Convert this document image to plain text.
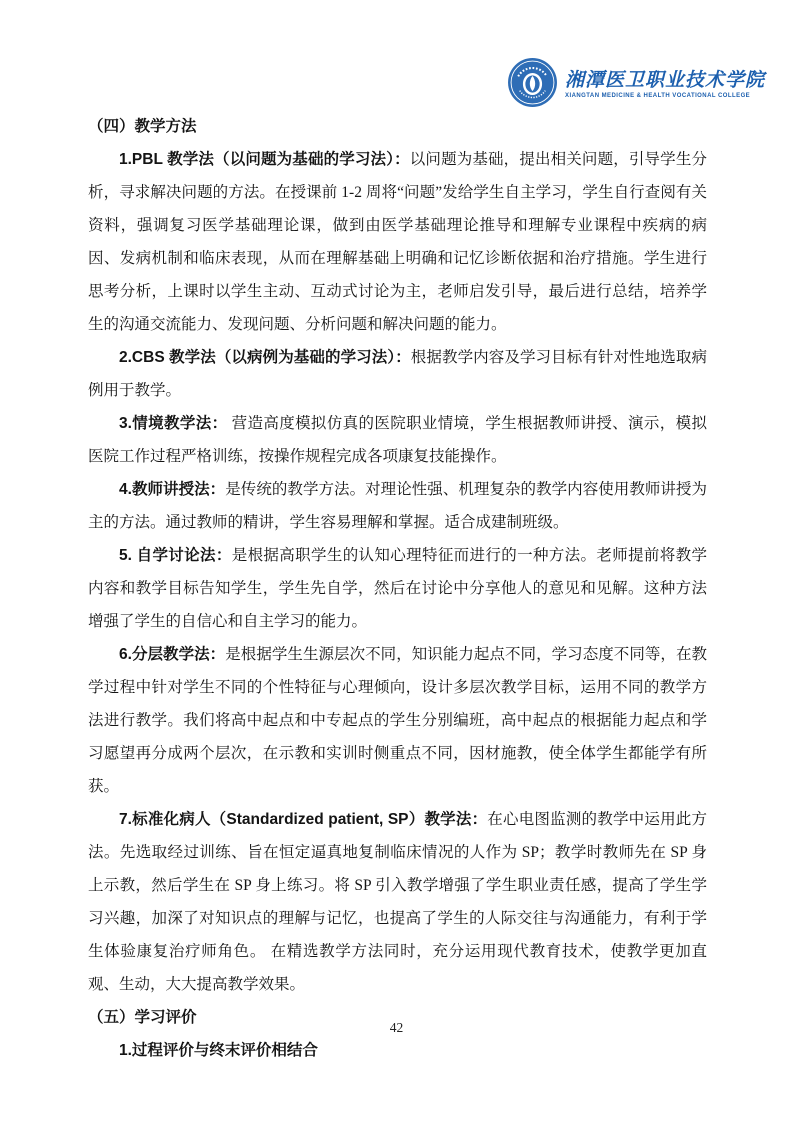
湘潭医卫职业技术学院
XIANGTAN MEDICINE & HEALTH VOCATIONAL COLLEGE
（四）教学方法

1.PBL 教学法（以问题为基础的学习法）：以问题为基础，提出相关问题，引导学生分析，寻求解决问题的方法。在授课前 1-2 周将“问题”发给学生自主学习，学生自行查阅有关资料，强调复习医学基础理论课，做到由医学基础理论推导和理解专业课程中疾病的病因、发病机制和临床表现，从而在理解基础上明确和记忆诊断依据和治疗措施。学生进行思考分析，上课时以学生主动、互动式讨论为主，老师启发引导，最后进行总结，培养学生的沟通交流能力、发现问题、分析问题和解决问题的能力。

2.CBS 教学法（以病例为基础的学习法）：根据教学内容及学习目标有针对性地选取病例用于教学。

3.情境教学法： 营造高度模拟仿真的医院职业情境，学生根据教师讲授、演示，模拟医院工作过程严格训练，按操作规程完成各项康复技能操作。

4.教师讲授法：是传统的教学方法。对理论性强、机理复杂的教学内容使用教师讲授为主的方法。通过教师的精讲，学生容易理解和掌握。适合成建制班级。

5. 自学讨论法：是根据高职学生的认知心理特征而进行的一种方法。老师提前将教学内容和教学目标告知学生，学生先自学，然后在讨论中分享他人的意见和见解。这种方法增强了学生的自信心和自主学习的能力。

6.分层教学法：是根据学生生源层次不同，知识能力起点不同，学习态度不同等，在教学过程中针对学生不同的个性特征与心理倾向，设计多层次教学目标，运用不同的教学方法进行教学。我们将高中起点和中专起点的学生分别编班，高中起点的根据能力起点和学习愿望再分成两个层次，在示教和实训时侧重点不同，因材施教，使全体学生都能学有所获。

7.标准化病人（Standardized patient, SP）教学法：在心电图监测的教学中运用此方法。先选取经过训练、旨在恒定逼真地复制临床情况的人作为 SP；教学时教师先在 SP 身上示教，然后学生在 SP 身上练习。将 SP 引入教学增强了学生职业责任感，提高了学生学习兴趣，加深了对知识点的理解与记忆，也提高了学生的人际交往与沟通能力，有利于学生体验康复治疗师角色。 在精选教学方法同时，充分运用现代教育技术，使教学更加直观、生动，大大提高教学效果。

（五）学习评价

1.过程评价与终末评价相结合

42
